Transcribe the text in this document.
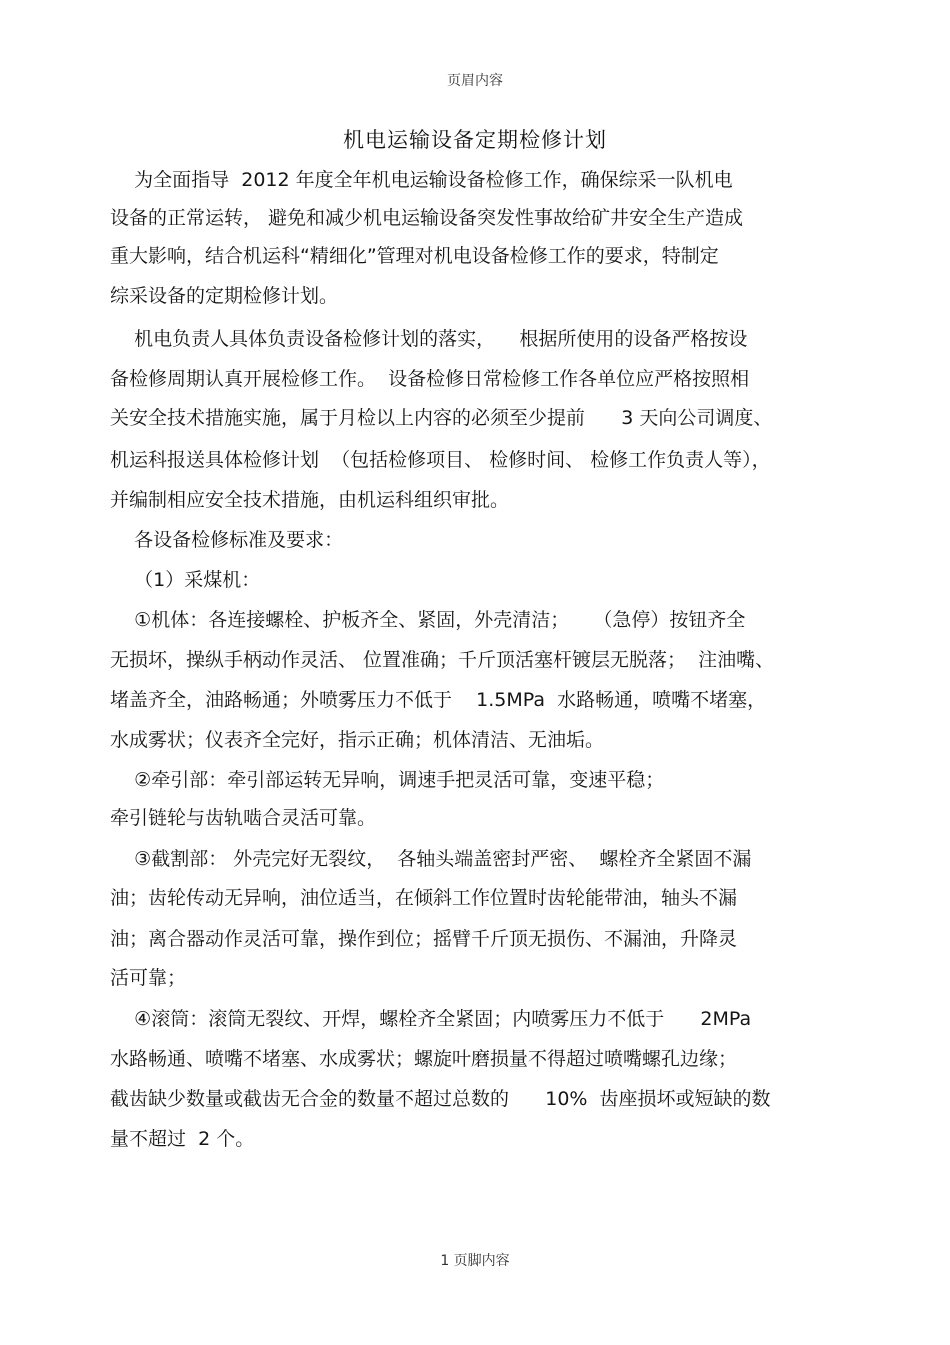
页眉内容
机电运输设备定期检修计划
为全面指导  2012 年度全年机电运输设备检修工作，确保综采一队机电
设备的正常运转， 避免和减少机电运输设备突发性事故给矿井安全生产造成
重大影响，结合机运科“精细化”管理对机电设备检修工作的要求，特制定
综采设备的定期检修计划。
机电负责人具体负责设备检修计划的落实，    根据所使用的设备严格按设
备检修周期认真开展检修工作。  设备检修日常检修工作各单位应严格按照相
关安全技术措施实施，属于月检以上内容的必须至少提前      3 天向公司调度、
机运科报送具体检修计划  （包括检修项目、 检修时间、 检修工作负责人等），
并编制相应安全技术措施，由机运科组织审批。
各设备检修标准及要求：
（1）采煤机：
①机体：各连接螺栓、护板齐全、紧固，外壳清洁；    （急停）按钮齐全
无损坏，操纵手柄动作灵活、 位置准确；千斤顶活塞杆镀层无脱落；  注油嘴、
堵盖齐全，油路畅通；外喷雾压力不低于    1.5MPa  水路畅通，喷嘴不堵塞，
水成雾状；仪表齐全完好，指示正确；机体清洁、无油垢。
②牵引部：牵引部运转无异响，调速手把灵活可靠，变速平稳；
牵引链轮与齿轨啮合灵活可靠。
③截割部： 外壳完好无裂纹，  各轴头端盖密封严密、  螺栓齐全紧固不漏
油；齿轮传动无异响，油位适当，在倾斜工作位置时齿轮能带油，轴头不漏
油；离合器动作灵活可靠，操作到位；摇臂千斤顶无损伤、不漏油，升降灵
活可靠；
④滚筒：滚筒无裂纹、开焊，螺栓齐全紧固；内喷雾压力不低于      2MPa
水路畅通、喷嘴不堵塞、水成雾状；螺旋叶磨损量不得超过喷嘴螺孔边缘；
截齿缺少数量或截齿无合金的数量不超过总数的      10%  齿座损坏或短缺的数
量不超过  2 个。
1 页脚内容
